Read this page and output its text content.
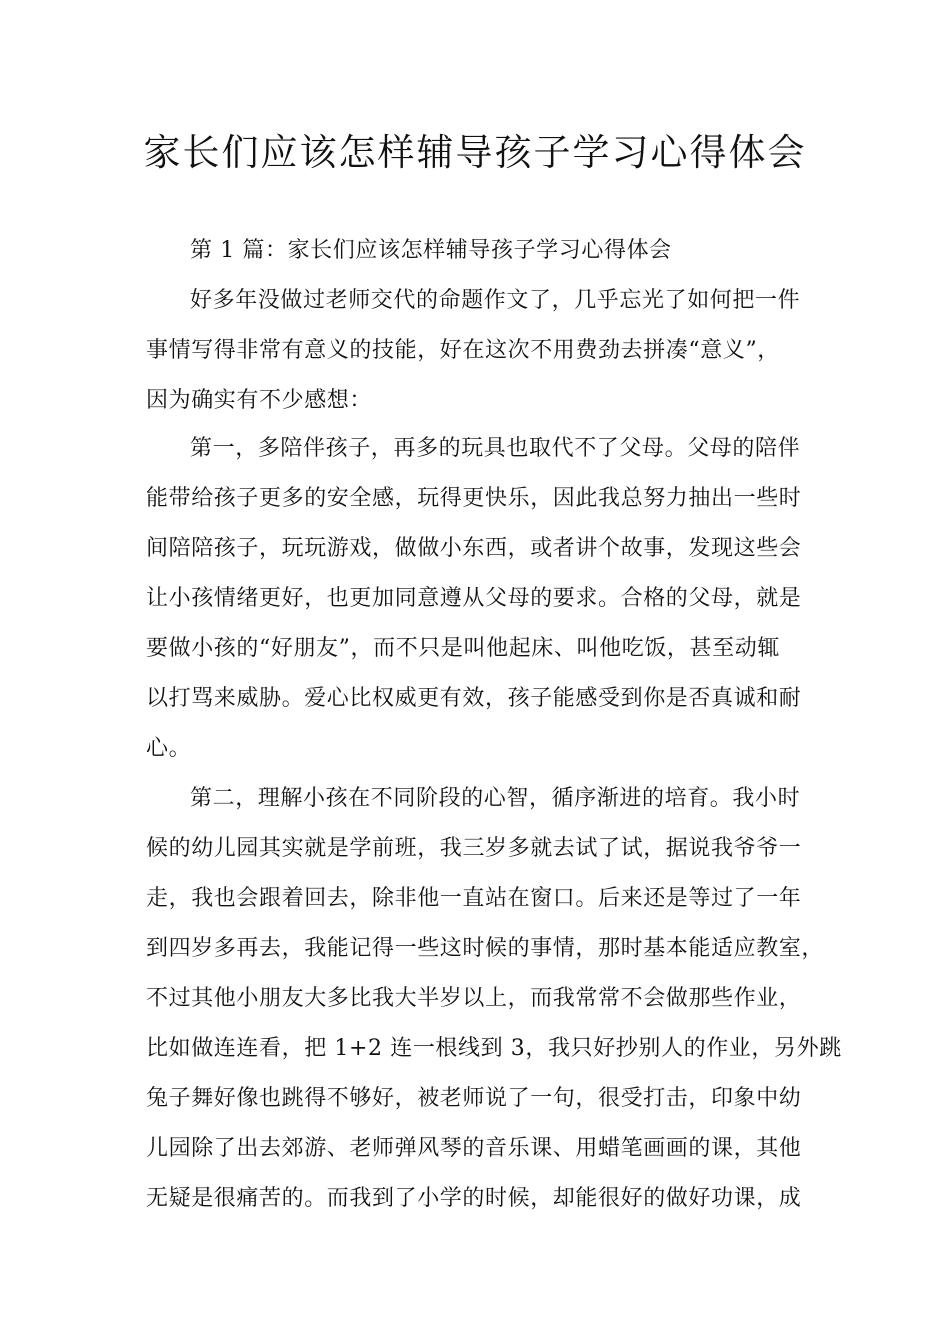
家长们应该怎样辅导孩子学习心得体会

第 1 篇：家长们应该怎样辅导孩子学习心得体会

好多年没做过老师交代的命题作文了，几乎忘光了如何把一件

事情写得非常有意义的技能，好在这次不用费劲去拼凑“意义”，

因为确实有不少感想：

第一，多陪伴孩子，再多的玩具也取代不了父母。父母的陪伴

能带给孩子更多的安全感，玩得更快乐，因此我总努力抽出一些时

间陪陪孩子，玩玩游戏，做做小东西，或者讲个故事，发现这些会

让小孩情绪更好，也更加同意遵从父母的要求。合格的父母，就是

要做小孩的“好朋友”，而不只是叫他起床、叫他吃饭，甚至动辄

以打骂来威胁。爱心比权威更有效，孩子能感受到你是否真诚和耐

心。

第二，理解小孩在不同阶段的心智，循序渐进的培育。我小时

候的幼儿园其实就是学前班，我三岁多就去试了试，据说我爷爷一

走，我也会跟着回去，除非他一直站在窗口。后来还是等过了一年

到四岁多再去，我能记得一些这时候的事情，那时基本能适应教室，

不过其他小朋友大多比我大半岁以上，而我常常不会做那些作业，

比如做连连看，把 1+2 连一根线到 3，我只好抄别人的作业，另外跳

兔子舞好像也跳得不够好，被老师说了一句，很受打击，印象中幼

儿园除了出去郊游、老师弹风琴的音乐课、用蜡笔画画的课，其他

无疑是很痛苦的。而我到了小学的时候，却能很好的做好功课，成
